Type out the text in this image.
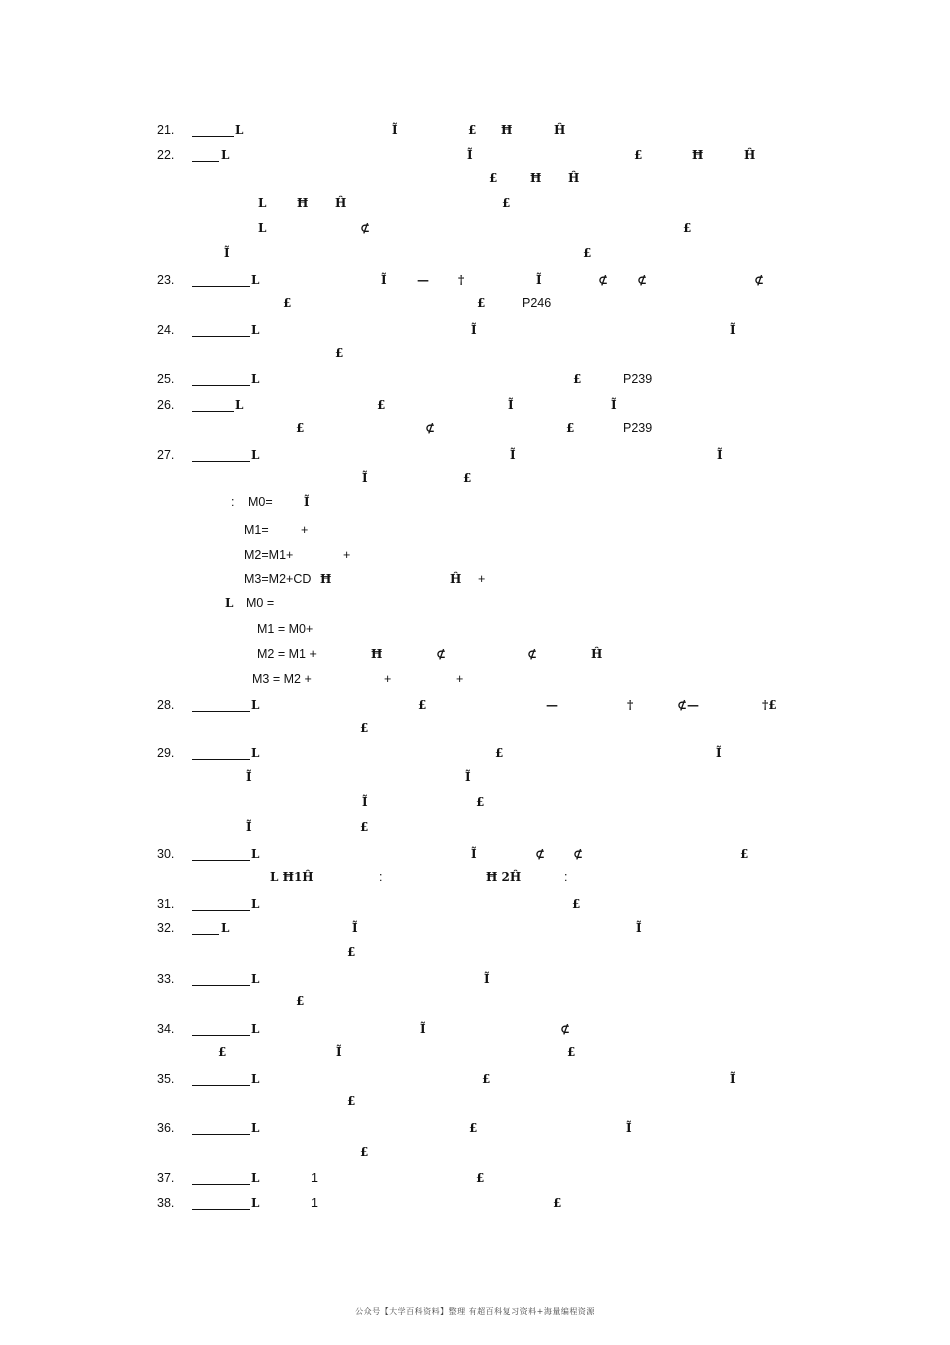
21.
22.
23.
24.
25.
26.
27.
28.
29.
30.
31.
32.
33.
34.
35.
36.
37.
38.
L	Ĩ	£ Ħ	Ĥ
L	Ĩ	£	Ħ	Ĥ
£	Ħ Ĥ
L	Ħ Ĥ	£
L	⊄	£
Ĩ	£
L	Ĩ	— †	Ĩ	⊄ ⊄	⊄
£	£	P246
L	Ĩ	Ĩ
£
L	£	P239
L	£	Ĩ	Ĩ
£	⊄	£	P239
L	Ĩ	Ĩ
Ĩ	£
: M0=	Ĩ
M1=	+
M2=M1+	+
M3=M2+CD Ħ	Ĥ +
L M0 =
M1 = M0+
M2 = M1 +	Ħ	⊄	⊄	Ĥ
M3 = M2 +	+	+
L	£	—	†	⊄—	†£
£
L	£	Ĩ
Ĩ	Ĩ
Ĩ	£
Ĩ	£
L	Ĩ	⊄ ⊄	£
L Ħ1Ĥ	:	Ħ 2Ĥ	:
L	£
L	Ĩ	Ĩ
£
L	Ĩ
£
L	Ĩ	⊄
£	Ĩ	£
L	£	Ĩ
£
L	£	Ĩ
£
L	1	£
L	1	£
公众号【大学百科资料】整理 有超百科复习资料+海量编程资源
